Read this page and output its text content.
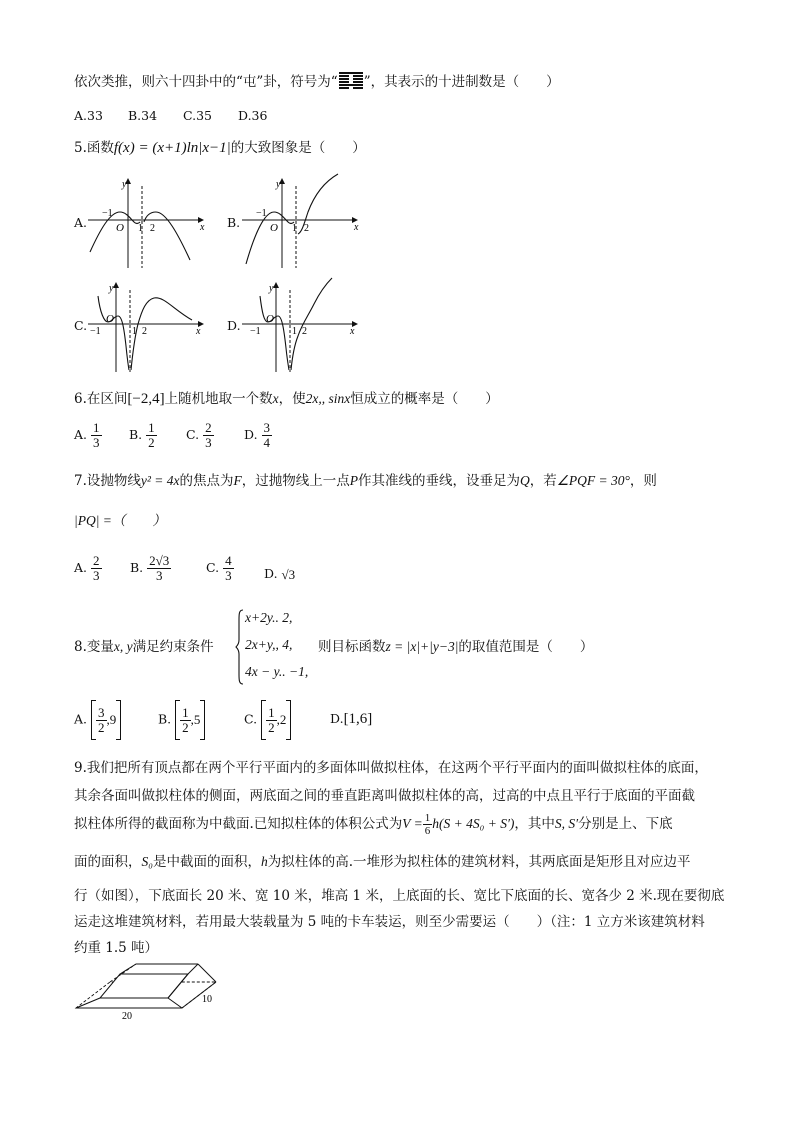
依次类推，则六十四卦中的“屯”卦，符号为“ ”，其表示的十进制数是（　　）
A.33 B.34 C.35 D.36
5.函数f(x) = (x+1)ln|x−1|的大致图象是（　　）
A.
y
x
O
−1
1 2	B.
y
x
O
−1
1 2
C.
y
x
O
−1	1 2	D.
y
x
O
−1	1 2
6.在区间[−2,4]上随机地取一个数x，使2x,, sinx恒成立的概率是（　　）
A. $\frac{1}{3} B$. $\frac{1}{2} C$. $\frac{2}{3} D$. $\frac{3}{4}$
7.设抛物线y² = 4x的焦点为F，过抛物线上一点P作其准线的垂线，设垂足为Q，若∠PQF = 30°，则
|PQ| =（　　）
A. $\frac{2}{3} B$. $\frac{2√3}{3}$	C. $\frac{4}{3} D$. √3
8.变量x, y满足约束条件
x+2y.. 2,
2x+y,, 4,
4x − y.. −1,
则目标函数z = |x|+|y−3|的取值范围是（　　）
A. $\frac{3}{2} ,9$	B. $\frac{1}{2} ,5$	C. $\frac{1}{2} ,2$	D.[1,6]
9.我们把所有顶点都在两个平行平面内的多面体叫做拟柱体，在这两个平行平面内的面叫做拟柱体的底面，
其余各面叫做拟柱体的侧面，两底面之间的垂直距离叫做拟柱体的高，过高的中点且平行于底面的平面截
拟柱体所得的截面称为中截面.已知拟柱体的体积公式为$V = \frac{1}{6} h(S + 4S_0 + S')$，其中S, S′分别是上、下底
面的面积，S₀是中截面的面积，h为拟柱体的高.一堆形为拟柱体的建筑材料，其两底面是矩形且对应边平
行（如图），下底面长 20 米、宽 10 米，堆高 1 米，上底面的长、宽比下底面的长、宽各少 2 米.现在要彻底
运走这堆建筑材料，若用最大装载量为 5 吨的卡车装运，则至少需要运（　　）（注：1 立方米该建筑材料
约重 1.5 吨）
20
10
